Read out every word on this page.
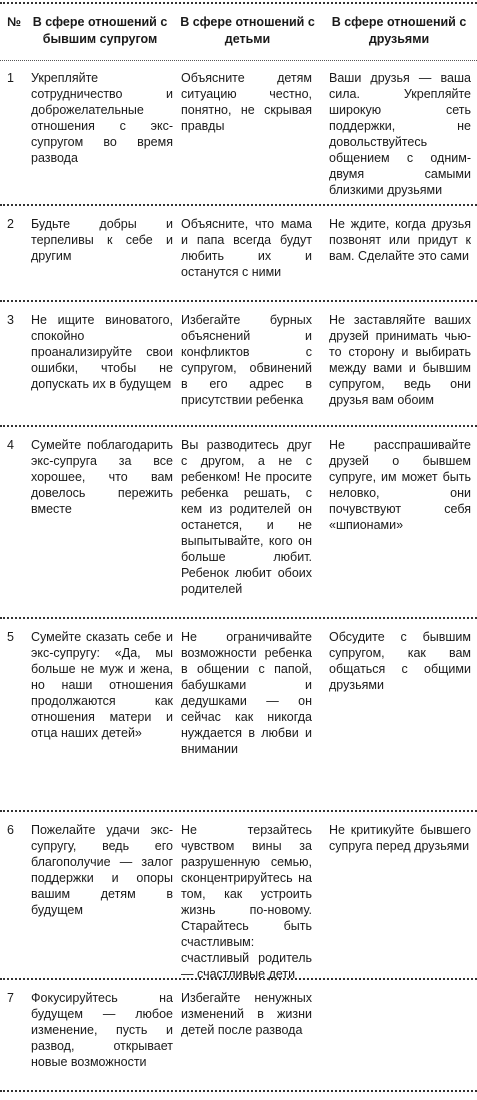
№ В сфере отношений с бывшим супругом
В сфере отношений с детьми
В сфере отношений с друзьями
1 Укрепляйте сотрудничество и доброжелательные отношения с экс-супругом во время развода
Объясните детям ситуацию честно, понятно, не скрывая правды
Ваши друзья — ваша сила. Укрепляйте широкую сеть поддержки, не довольствуйтесь общением с одним-двумя самыми близкими друзьями
2 Будьте добры и терпеливы к себе и другим
Объясните, что мама и папа всегда будут любить их и останутся с ними
Не ждите, когда друзья позвонят или придут к вам. Сделайте это сами
3 Не ищите виноватого, спокойно проанализируйте свои ошибки, чтобы не допускать их в будущем
Избегайте бурных объяснений и конфликтов с супругом, обвинений в его адрес в присутствии ребенка
Не заставляйте ваших друзей принимать чью-то сторону и выбирать между вами и бывшим супругом, ведь они друзья вам обоим
4 Сумейте поблагодарить экс-супруга за все хорошее, что вам довелось пережить вместе
Вы разводитесь друг с другом, а не с ребенком! Не просите ребенка решать, с кем из родителей он останется, и не выпытывайте, кого он больше любит. Ребенок любит обоих родителей
Не расспрашивайте друзей о бывшем супруге, им может быть неловко, они почувствуют себя «шпионами»
5 Сумейте сказать себе и экс-супругу: «Да, мы больше не муж и жена, но наши отношения продолжаются как отношения матери и отца наших детей»
Не ограничивайте возможности ребенка в общении с папой, бабушками и дедушками — он сейчас как никогда нуждается в любви и внимании
Обсудите с бывшим супругом, как вам общаться с общими друзьями
6 Пожелайте удачи экс-супругу, ведь его благополучие — залог поддержки и опоры вашим детям в будущем
Не терзайтесь чувством вины за разрушенную семью, сконцентрируйтесь на том, как устроить жизнь по-новому. Старайтесь быть счастливым: счастливый родитель — счастливые дети
Не критикуйте бывшего супруга перед друзьями
7 Фокусируйтесь на будущем — любое изменение, пусть и развод, открывает новые возможности
Избегайте ненужных изменений в жизни детей после развода
